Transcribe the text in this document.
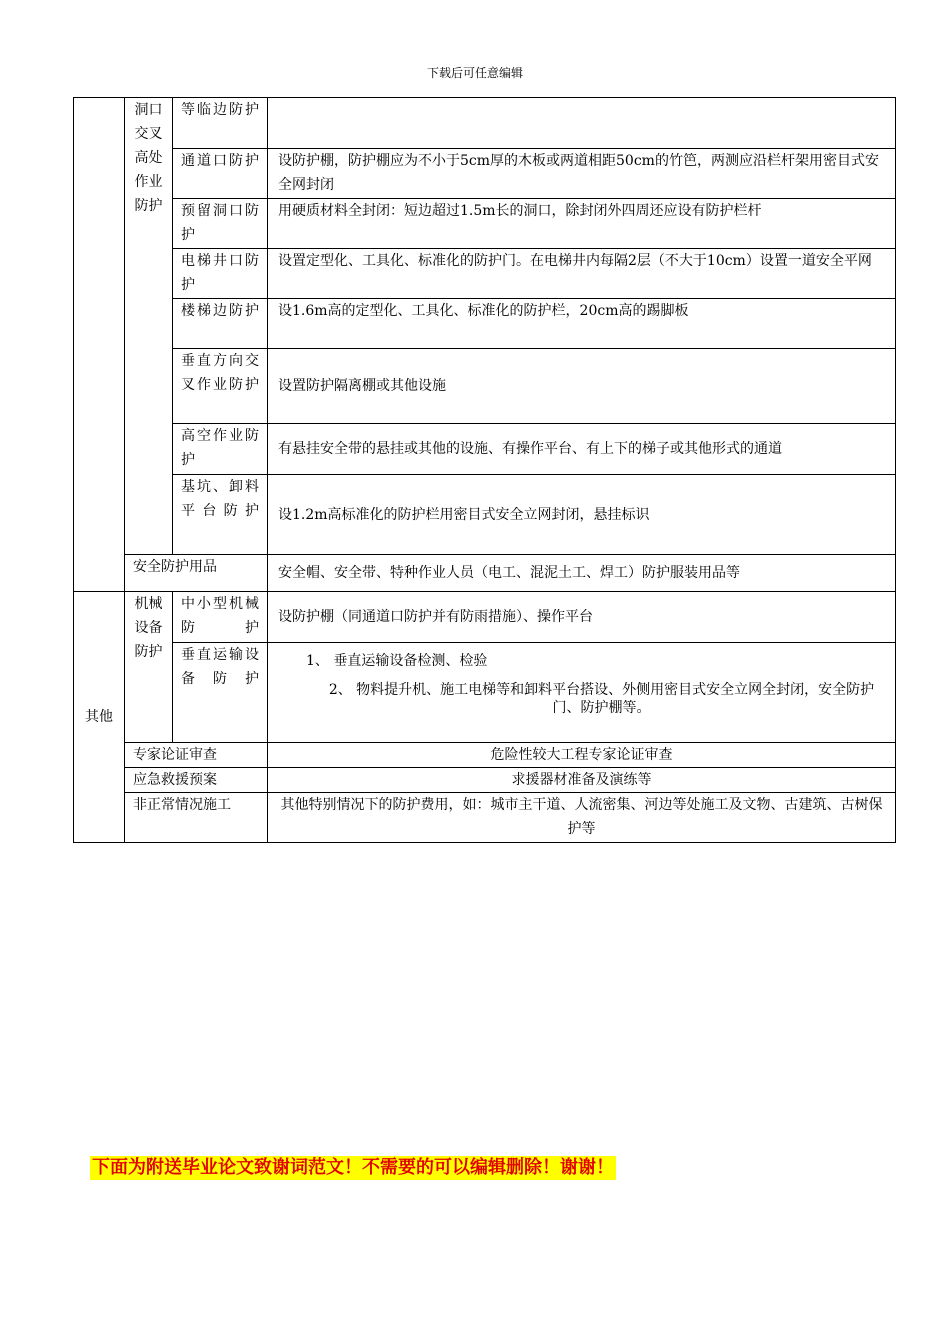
下载后可任意编辑

	洞口交叉高处作业防护	等临边防护	
		通道口防护	设防护棚，防护棚应为不小于5cm厚的木板或两道相距50cm的竹笆，两测应沿栏杆架用密目式安全网封闭
		预留洞口防护	用硬质材料全封闭：短边超过1.5m长的洞口，除封闭外四周还应设有防护栏杆
		电梯井口防护	设置定型化、工具化、标准化的防护门。在电梯井内每隔2层（不大于10cm）设置一道安全平网
		楼梯边防护	设1.6m高的定型化、工具化、标准化的防护栏，20cm高的踢脚板
		垂直方向交叉作业防护	设置防护隔离棚或其他设施
		高空作业防护	有悬挂安全带的悬挂或其他的设施、有操作平台、有上下的梯子或其他形式的通道
		基坑、卸料平台防护	设1.2m高标准化的防护栏用密目式安全立网封闭，悬挂标识
	安全防护用品		安全帽、安全带、特种作业人员（电工、混泥土工、焊工）防护服装用品等
其他	机械设备防护	中小型机械防护	设防护棚（同通道口防护并有防雨措施）、操作平台
		垂直运输设备防护	1、 垂直运输设备检测、检验
2、 物料提升机、施工电梯等和卸料平台搭设、外侧用密目式安全立网全封闭，安全防护门、防护棚等。

	专家论证审查		危险性较大工程专家论证审查
	应急救援预案		求援器材准备及演练等
	非正常情况施工		其他特别情况下的防护费用，如：城市主干道、人流密集、河边等处施工及文物、古建筑、古树保护等
下面为附送毕业论文致谢词范文！不需要的可以编辑删除！谢谢！
